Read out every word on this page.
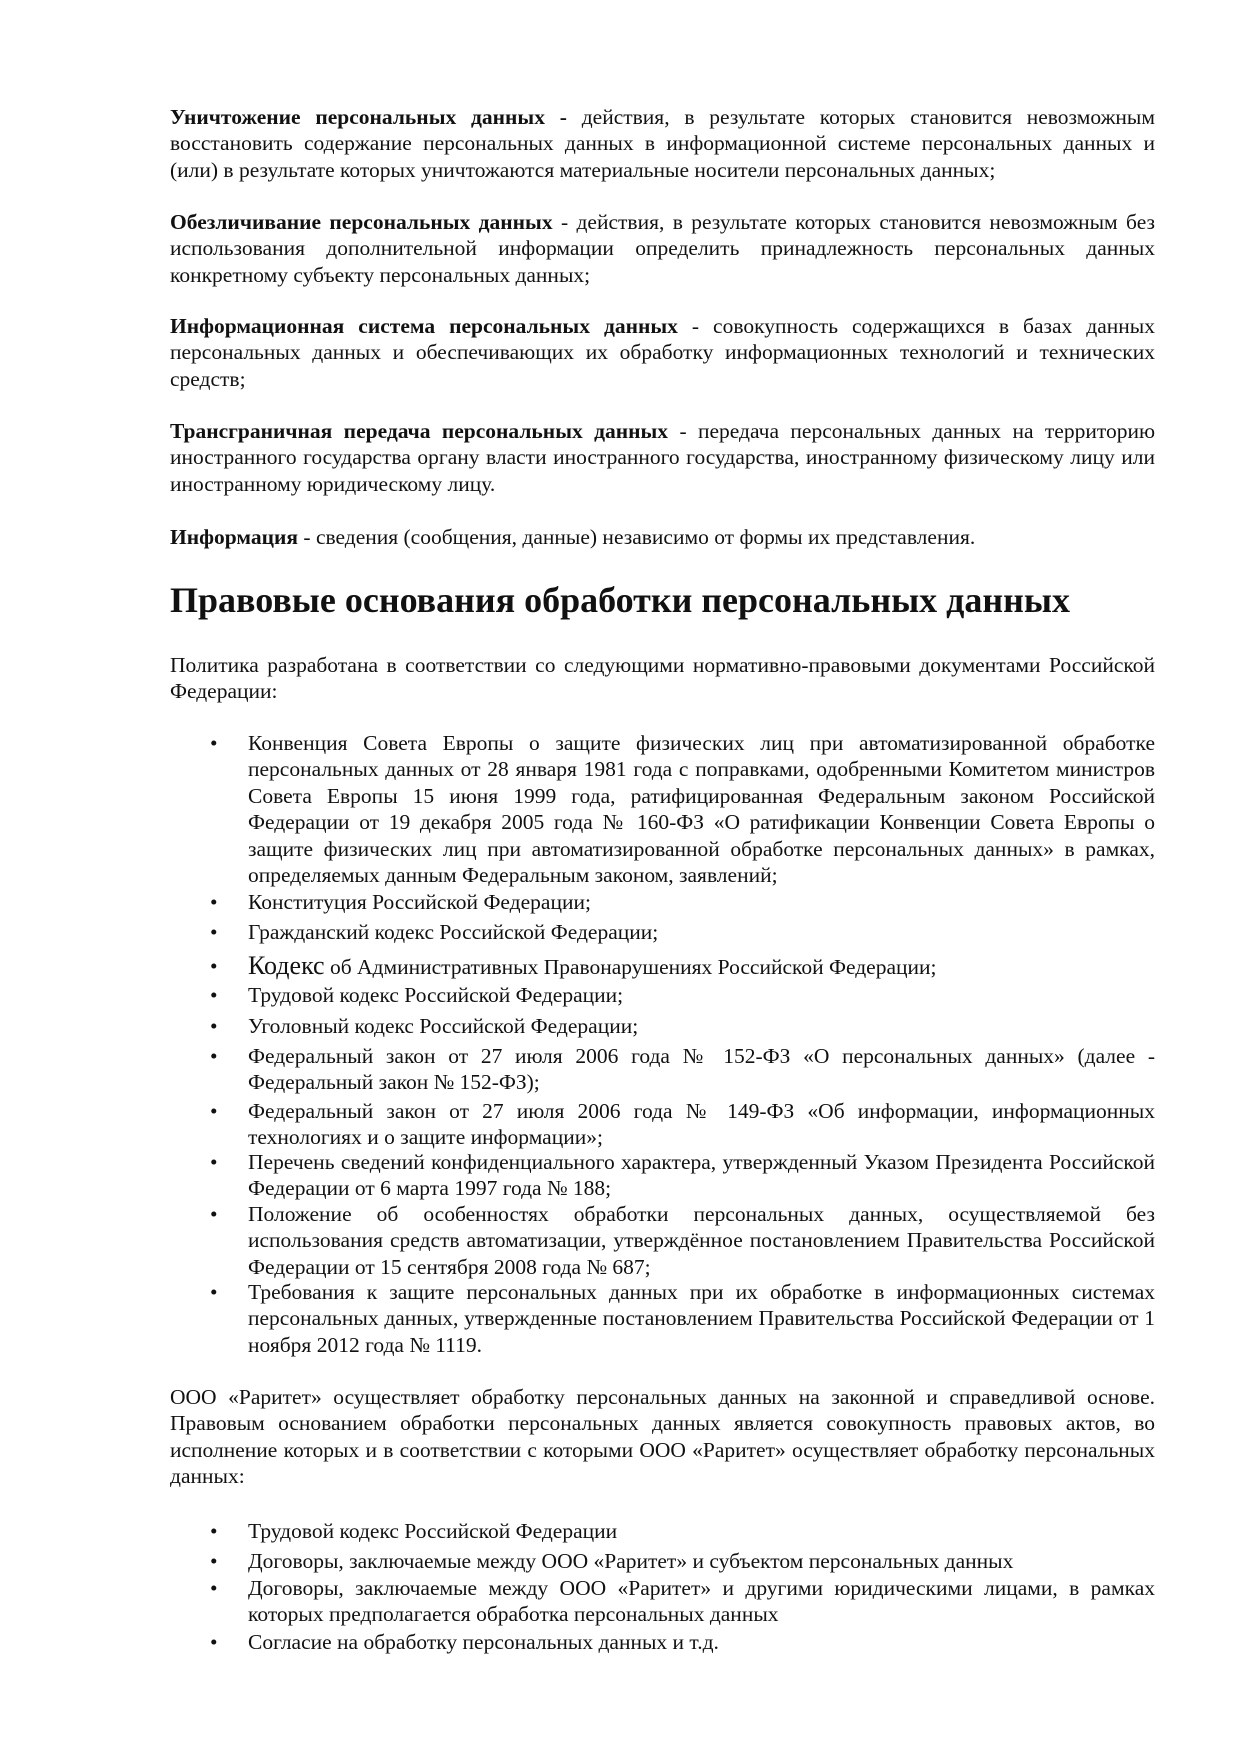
Уничтожение персональных данных - действия, в результате которых становится невозможным восстановить содержание персональных данных в информационной системе персональных данных и (или) в результате которых уничтожаются материальные носители персональных данных;
Обезличивание персональных данных - действия, в результате которых становится невозможным без использования дополнительной информации определить принадлежность персональных данных конкретному субъекту персональных данных;
Информационная система персональных данных - совокупность содержащихся в базах данных персональных данных и обеспечивающих их обработку информационных технологий и технических средств;
Трансграничная передача персональных данных - передача персональных данных на территорию иностранного государства органу власти иностранного государства, иностранному физическому лицу или иностранному юридическому лицу.
Информация - сведения (сообщения, данные) независимо от формы их представления.
Правовые основания обработки персональных данных
Политика разработана в соответствии со следующими нормативно-правовыми документами Российской Федерации:
• Конвенция Совета Европы о защите физических лиц при автоматизированной обработке персональных данных от 28 января 1981 года с поправками, одобренными Комитетом министров Совета Европы 15 июня 1999 года, ратифицированная Федеральным законом Российской Федерации от 19 декабря 2005 года № 160-ФЗ «О ратификации Конвенции Совета Европы о защите физических лиц при автоматизированной обработке персональных данных» в рамках, определяемых данным Федеральным законом, заявлений;
• Конституция Российской Федерации;
• Гражданский кодекс Российской Федерации;
• Кодекс об Административных Правонарушениях Российской Федерации;
• Трудовой кодекс Российской Федерации;
• Уголовный кодекс Российской Федерации;
• Федеральный закон от 27 июля 2006 года № 152-ФЗ «О персональных данных» (далее - Федеральный закон № 152-ФЗ);
• Федеральный закон от 27 июля 2006 года № 149-ФЗ «Об информации, информационных технологиях и о защите информации»;
• Перечень сведений конфиденциального характера, утвержденный Указом Президента Российской Федерации от 6 марта 1997 года № 188;
• Положение об особенностях обработки персональных данных, осуществляемой без использования средств автоматизации, утверждённое постановлением Правительства Российской Федерации от 15 сентября 2008 года № 687;
• Требования к защите персональных данных при их обработке в информационных системах персональных данных, утвержденные постановлением Правительства Российской Федерации от 1 ноября 2012 года № 1119.
ООО «Раритет» осуществляет обработку персональных данных на законной и справедливой основе. Правовым основанием обработки персональных данных является совокупность правовых актов, во исполнение которых и в соответствии с которыми ООО «Раритет» осуществляет обработку персональных данных:
• Трудовой кодекс Российской Федерации
• Договоры, заключаемые между ООО «Раритет» и субъектом персональных данных
• Договоры, заключаемые между ООО «Раритет» и другими юридическими лицами, в рамках которых предполагается обработка персональных данных
• Согласие на обработку персональных данных и т.д.
